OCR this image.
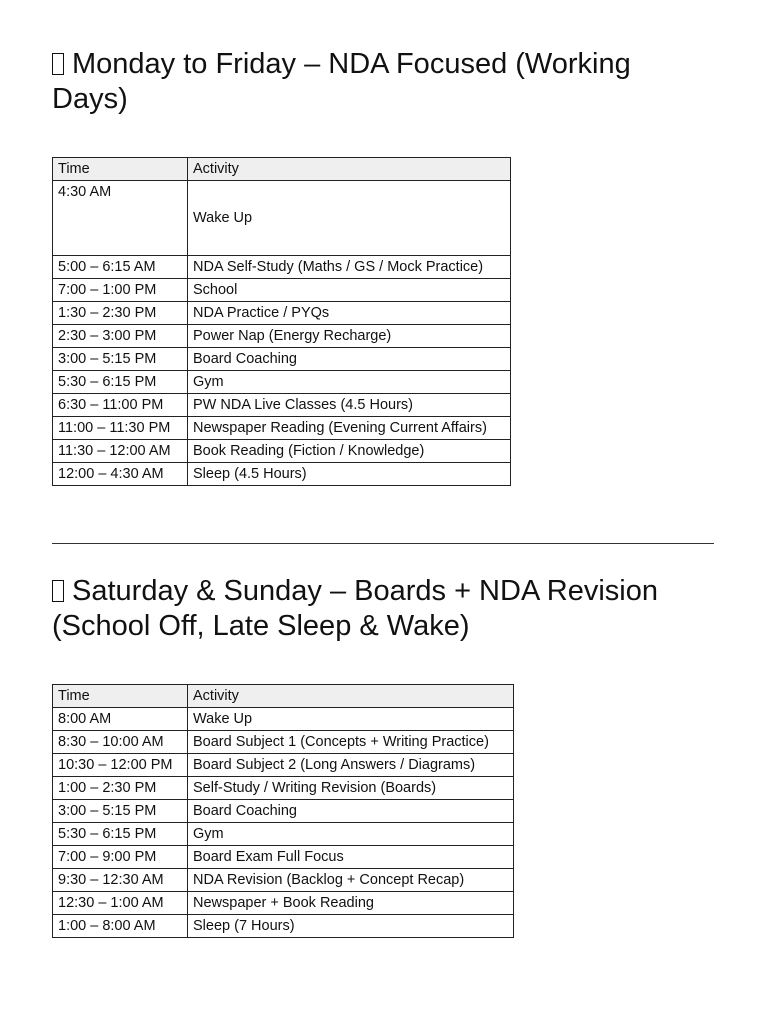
Monday to Friday – NDA Focused (Working Days)
Time	Activity
4:30 AM	Wake Up
5:00 – 6:15 AM	NDA Self-Study (Maths / GS / Mock Practice)
7:00 – 1:00 PM	School
1:30 – 2:30 PM	NDA Practice / PYQs
2:30 – 3:00 PM	Power Nap (Energy Recharge)
3:00 – 5:15 PM	Board Coaching
5:30 – 6:15 PM	Gym
6:30 – 11:00 PM	PW NDA Live Classes (4.5 Hours)
11:00 – 11:30 PM	Newspaper Reading (Evening Current Affairs)
11:30 – 12:00 AM	Book Reading (Fiction / Knowledge)
12:00 – 4:30 AM	Sleep (4.5 Hours)
Saturday & Sunday – Boards + NDA Revision (School Off, Late Sleep & Wake)
Time	Activity
8:00 AM	Wake Up
8:30 – 10:00 AM	Board Subject 1 (Concepts + Writing Practice)
10:30 – 12:00 PM	Board Subject 2 (Long Answers / Diagrams)
1:00 – 2:30 PM	Self-Study / Writing Revision (Boards)
3:00 – 5:15 PM	Board Coaching
5:30 – 6:15 PM	Gym
7:00 – 9:00 PM	Board Exam Full Focus
9:30 – 12:30 AM	NDA Revision (Backlog + Concept Recap)
12:30 – 1:00 AM	Newspaper + Book Reading
1:00 – 8:00 AM	Sleep (7 Hours)
